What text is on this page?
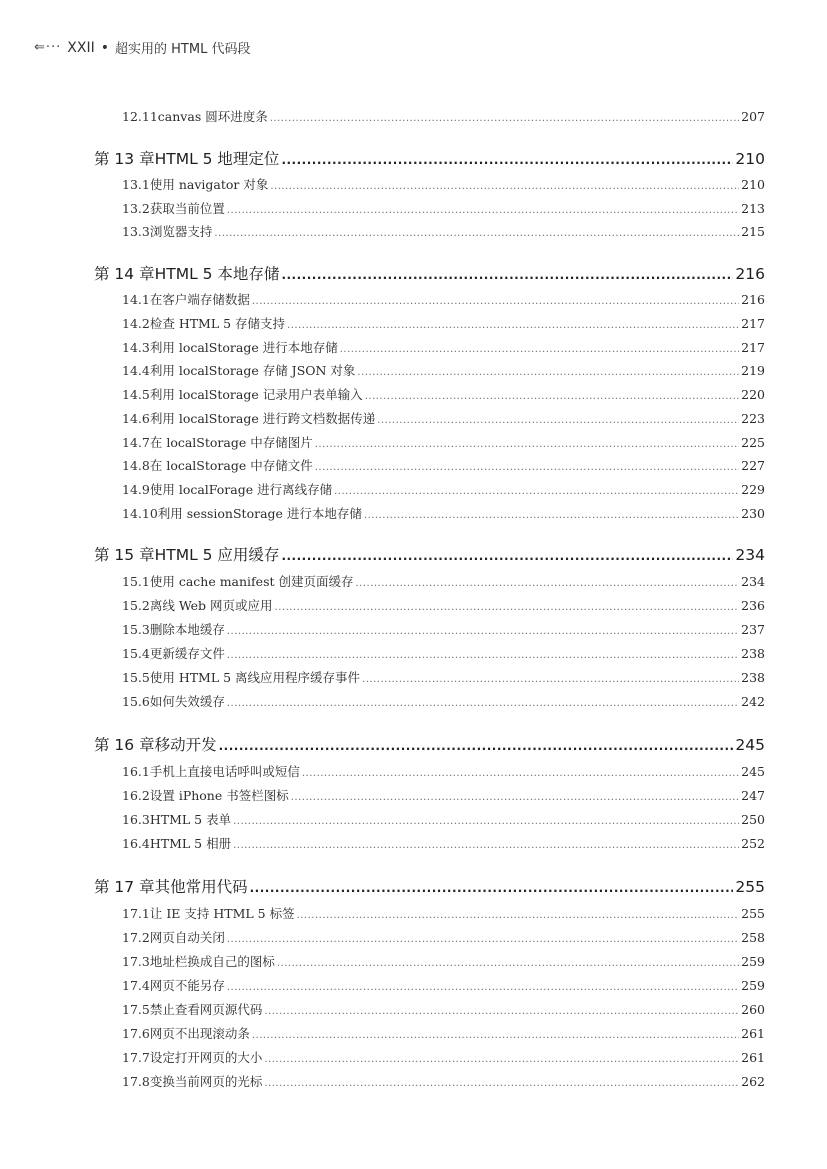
⇐··· XXII • 超实用的 HTML 代码段
12.11 canvas 圆环进度条 .....	207
第 13 章 HTML 5 地理定位 .....	210
13.1 使用 navigator 对象 .....	210
13.2 获取当前位置 .....	213
13.3 浏览器支持 .....	215
第 14 章 HTML 5 本地存储 .....	216
14.1 在客户端存储数据 .....	216
14.2 检查 HTML 5 存储支持 .....	217
14.3 利用 localStorage 进行本地存储 .....	217
14.4 利用 localStorage 存储 JSON 对象 .....	219
14.5 利用 localStorage 记录用户表单输入 .....	220
14.6 利用 localStorage 进行跨文档数据传递 .....	223
14.7 在 localStorage 中存储图片 .....	225
14.8 在 localStorage 中存储文件 .....	227
14.9 使用 localForage 进行离线存储 .....	229
14.10 利用 sessionStorage 进行本地存储 .....	230
第 15 章 HTML 5 应用缓存 .....	234
15.1 使用 cache manifest 创建页面缓存 .....	234
15.2 离线 Web 网页或应用 .....	236
15.3 删除本地缓存 .....	237
15.4 更新缓存文件 .....	238
15.5 使用 HTML 5 离线应用程序缓存事件 .....	238
15.6 如何失效缓存 .....	242
第 16 章 移动开发 .....	245
16.1 手机上直接电话呼叫或短信 .....	245
16.2 设置 iPhone 书签栏图标 .....	247
16.3 HTML 5 表单 .....	250
16.4 HTML 5 相册 .....	252
第 17 章 其他常用代码 .....	255
17.1 让 IE 支持 HTML 5 标签 .....	255
17.2 网页自动关闭 .....	258
17.3 地址栏换成自己的图标 .....	259
17.4 网页不能另存 .....	259
17.5 禁止查看网页源代码 .....	260
17.6 网页不出现滚动条 .....	261
17.7 设定打开网页的大小 .....	261
17.8 变换当前网页的光标 .....	262
